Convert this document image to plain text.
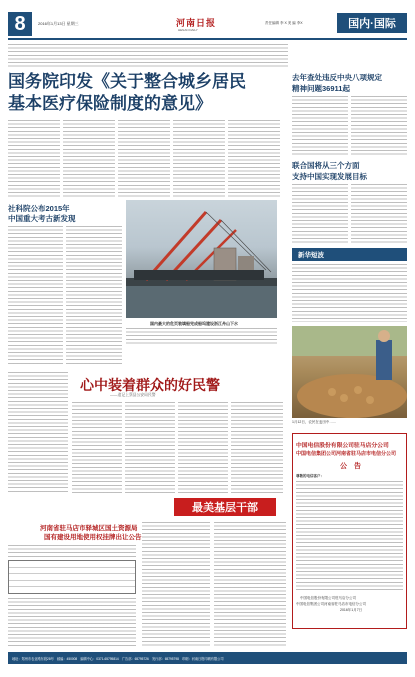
8	2016年1月13日 星期三	河南日报
HENAN DAILY
责任编辑 李 X 美 编 李X	国内·国际
国务院印发《关于整合城乡居民
基本医疗保险制度的意见》
社科院公布2015年
中国重大考古新发现
国内最大的危页装填船完成船坞建设浙江舟山下水
心中装着群众的好民警
——追记上蔡县公安局民警
最美基层干部
去年查处违反中央八项规定
精神问题36911起
联合国将从三个方面
支持中国实现发展目标
新华短波
1月12日，农民在麦田中……
中国电信股份有限公司驻马店分公司
中国电信集团公司河南省驻马店市电信分公司
公　告
尊敬的电信客户：
中国电信股份有限公司驻马店分公司
中国电信集团公司河南省驻马店市电信分公司
2016年1月7日
河南省驻马店市驿城区国土资源局
国有建设用地使用权挂牌出让公告
地址：郑州市农业路东段28号　邮编：450008　编辑中心：0371-65795814　广告部：65795726　发行部：65795798　印刷：河南日报印刷有限公司
